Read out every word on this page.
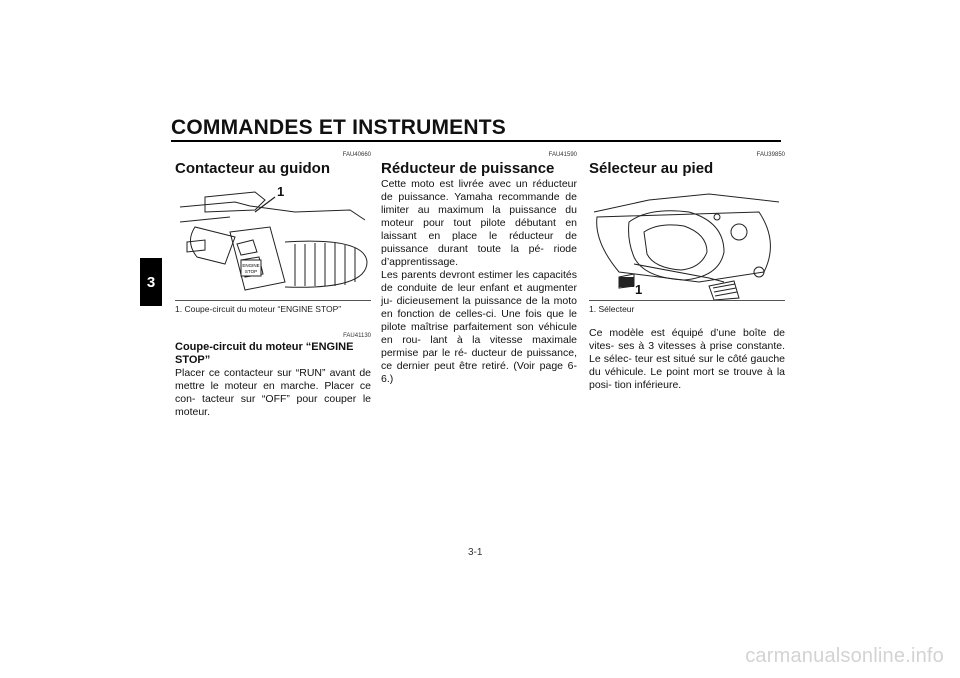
COMMANDES ET INSTRUMENTS
3
FAU40660
Contacteur au guidon
ENGINE
STOP
1
1. Coupe-circuit du moteur “ENGINE STOP”
FAU41130
Coupe-circuit du moteur “ENGINE STOP”

Placer ce contacteur sur “RUN” avant de mettre le moteur en marche. Placer ce con- tacteur sur “OFF” pour couper le moteur.

FAU41590
Réducteur de puissance

Cette moto est livrée avec un réducteur de puissance. Yamaha recommande de limiter au maximum la puissance du moteur pour tout pilote débutant en laissant en place le réducteur de puissance durant toute la pé- riode d’apprentissage.
Les parents devront estimer les capacités de conduite de leur enfant et augmenter ju- dicieusement la puissance de la moto en fonction de celles-ci. Une fois que le pilote maîtrise parfaitement son véhicule en rou- lant à la vitesse maximale permise par le ré- ducteur de puissance, ce dernier peut être retiré. (Voir page 6-6.)

FAU39850
Sélecteur au pied
1
1. Sélecteur

Ce modèle est équipé d’une boîte de vites- ses à 3 vitesses à prise constante. Le sélec- teur est situé sur le côté gauche du véhicule. Le point mort se trouve à la posi- tion inférieure.

3-1
carmanualsonline.info
